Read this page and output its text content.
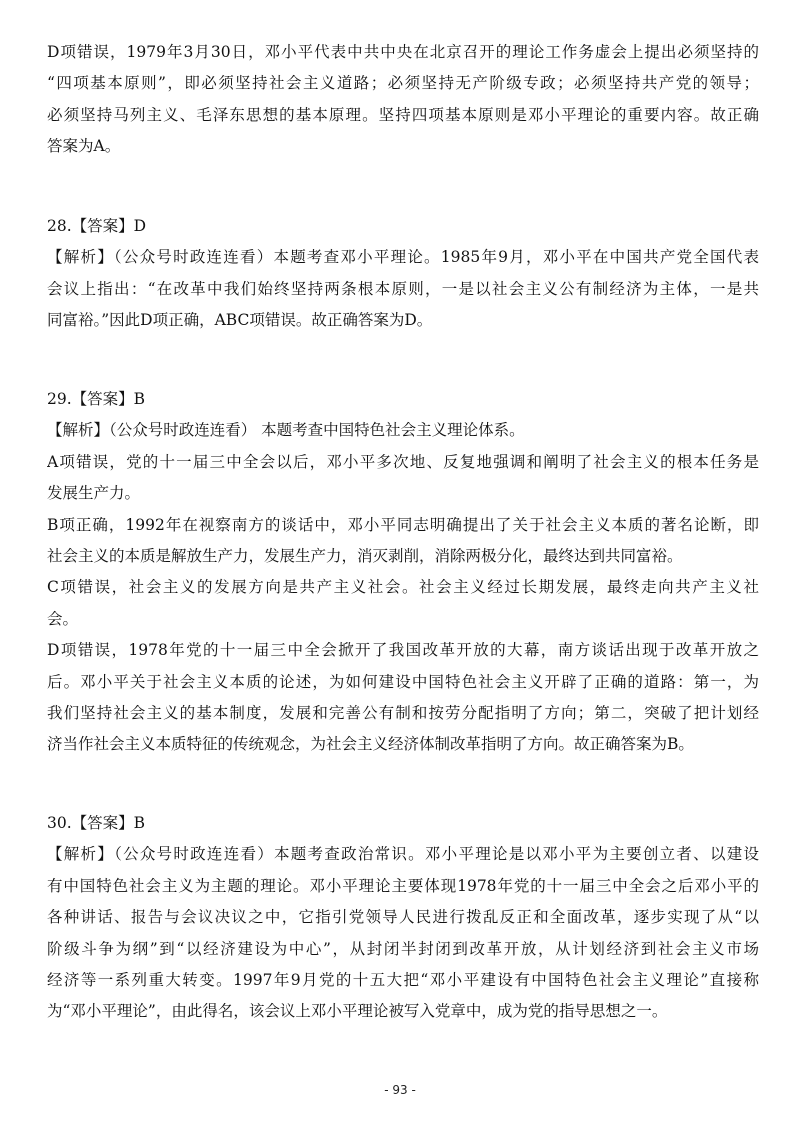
D项错误，1979年3月30日，邓小平代表中共中央在北京召开的理论工作务虚会上提出必须坚持的
“四项基本原则”，即必须坚持社会主义道路；必须坚持无产阶级专政；必须坚持共产党的领导；
必须坚持马列主义、毛泽东思想的基本原理。坚持四项基本原则是邓小平理论的重要内容。故正确
答案为A。
28.【答案】D
【解析】（公众号时政连连看）本题考查邓小平理论。1985年9月，邓小平在中国共产党全国代表
会议上指出：“在改革中我们始终坚持两条根本原则，一是以社会主义公有制经济为主体，一是共
同富裕。”因此D项正确，ABC项错误。故正确答案为D。
29.【答案】B
【解析】（公众号时政连连看） 本题考查中国特色社会主义理论体系。
A项错误，党的十一届三中全会以后，邓小平多次地、反复地强调和阐明了社会主义的根本任务是
发展生产力。
B项正确，1992年在视察南方的谈话中，邓小平同志明确提出了关于社会主义本质的著名论断，即
社会主义的本质是解放生产力，发展生产力，消灭剥削，消除两极分化，最终达到共同富裕。
C项错误，社会主义的发展方向是共产主义社会。社会主义经过长期发展，最终走向共产主义社
会。
D项错误，1978年党的十一届三中全会掀开了我国改革开放的大幕，南方谈话出现于改革开放之
后。邓小平关于社会主义本质的论述，为如何建设中国特色社会主义开辟了正确的道路：第一，为
我们坚持社会主义的基本制度，发展和完善公有制和按劳分配指明了方向；第二，突破了把计划经
济当作社会主义本质特征的传统观念，为社会主义经济体制改革指明了方向。故正确答案为B。
30.【答案】B
【解析】（公众号时政连连看）本题考查政治常识。邓小平理论是以邓小平为主要创立者、以建设
有中国特色社会主义为主题的理论。邓小平理论主要体现1978年党的十一届三中全会之后邓小平的
各种讲话、报告与会议决议之中，它指引党领导人民进行拨乱反正和全面改革，逐步实现了从“以
阶级斗争为纲”到“以经济建设为中心”，从封闭半封闭到改革开放，从计划经济到社会主义市场
经济等一系列重大转变。1997年9月党的十五大把“邓小平建设有中国特色社会主义理论”直接称
为“邓小平理论”，由此得名，该会议上邓小平理论被写入党章中，成为党的指导思想之一。
- 93 -
